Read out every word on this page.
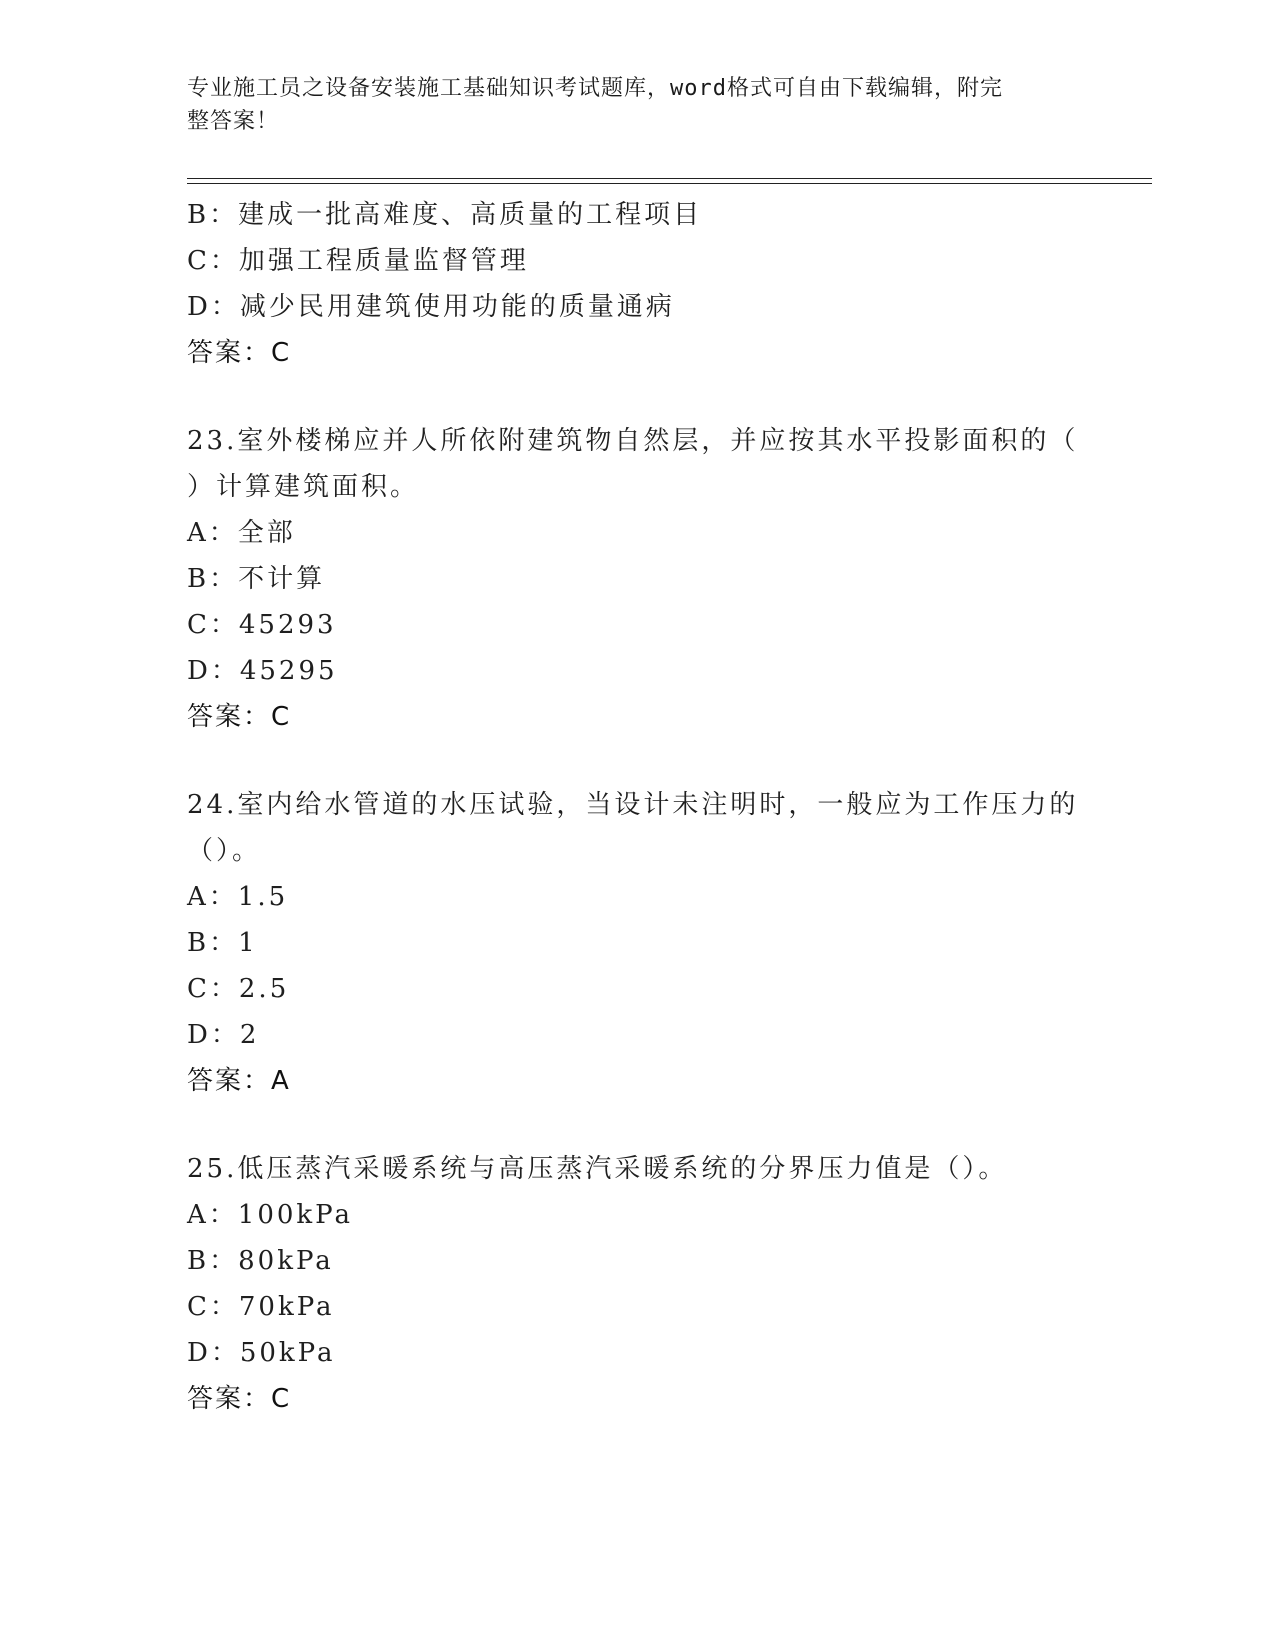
专业施工员之设备安装施工基础知识考试题库，word格式可自由下载编辑，附完
整答案！
B：建成一批高难度、高质量的工程项目
C：加强工程质量监督管理
D：减少民用建筑使用功能的质量通病
答案：C
23.室外楼梯应并人所依附建筑物自然层，并应按其水平投影面积的（
）计算建筑面积。
A：全部
B：不计算
C：45293
D：45295
答案：C
24.室内给水管道的水压试验，当设计未注明时，一般应为工作压力的
（）。
A：1.5
B：1
C：2.5
D：2
答案：A
25.低压蒸汽采暖系统与高压蒸汽采暖系统的分界压力值是（）。
A：100kPa
B：80kPa
C：70kPa
D：50kPa
答案：C
